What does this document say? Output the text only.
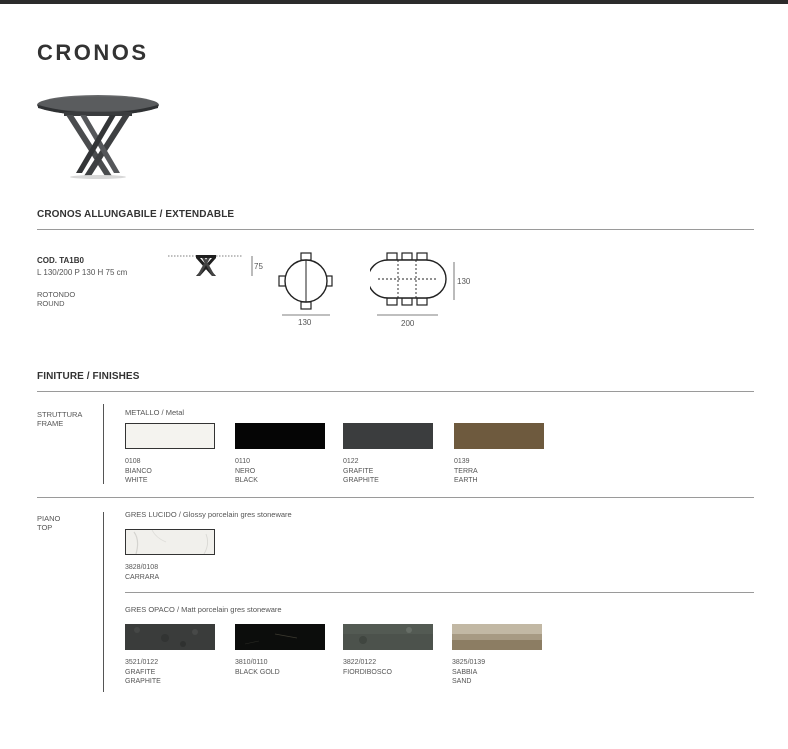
CRONOS
CRONOS ALLUNGABILE / EXTENDABLE
COD. TA1B0
L 130/200 P 130 H 75 cm
ROTONDO
ROUND
75
130
130
200
FINITURE / FINISHES
STRUTTURA
FRAME
METALLO / Metal
0108
BIANCO
WHITE
0110
NERO
BLACK
0122
GRAFITE
GRAPHITE
0139
TERRA
EARTH
PIANO
TOP
GRES LUCIDO / Glossy porcelain gres stoneware
3828/0108
CARRARA
GRES OPACO / Matt porcelain gres stoneware
3521/0122
GRAFITE
GRAPHITE
3810/0110
BLACK GOLD
3822/0122
FIORDIBOSCO
3825/0139
SABBIA
SAND
